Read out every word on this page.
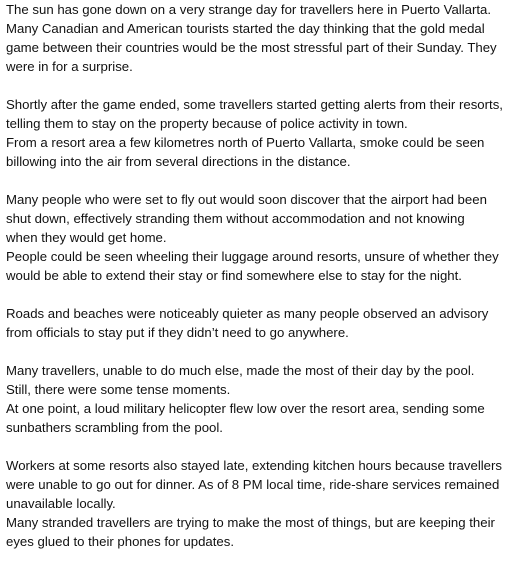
The sun has gone down on a very strange day for travellers here in Puerto Vallarta.
Many Canadian and American tourists started the day thinking that the gold medal
game between their countries would be the most stressful part of their Sunday. They
were in for a surprise.
Shortly after the game ended, some travellers started getting alerts from their resorts,
telling them to stay on the property because of police activity in town.
From a resort area a few kilometres north of Puerto Vallarta, smoke could be seen
billowing into the air from several directions in the distance.
Many people who were set to fly out would soon discover that the airport had been
shut down, effectively stranding them without accommodation and not knowing
when they would get home.
People could be seen wheeling their luggage around resorts, unsure of whether they
would be able to extend their stay or find somewhere else to stay for the night.
Roads and beaches were noticeably quieter as many people observed an advisory
from officials to stay put if they didn’t need to go anywhere.
Many travellers, unable to do much else, made the most of their day by the pool.
Still, there were some tense moments.
At one point, a loud military helicopter flew low over the resort area, sending some
sunbathers scrambling from the pool.
Workers at some resorts also stayed late, extending kitchen hours because travellers
were unable to go out for dinner. As of 8 PM local time, ride-share services remained
unavailable locally.
Many stranded travellers are trying to make the most of things, but are keeping their
eyes glued to their phones for updates.
